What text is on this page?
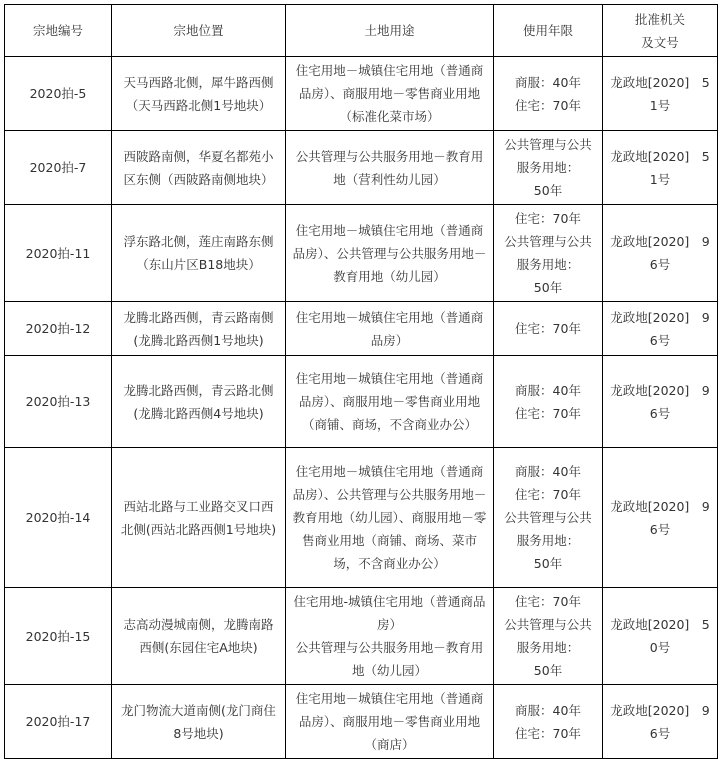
宗地编号	宗地位置	土地用途	使用年限	批准机关
及文号

2020拍-5	天马西路北侧，犀牛路西侧（天马西路北侧1号地块）	住宅用地－城镇住宅用地（普通商品房）、商服用地－零售商业用地（标准化菜市场）	商服：40年
住宅：70年	龙政地[2020]　51号
2020拍-7	西陂路南侧，华夏名都苑小区东侧（西陂路南侧地块）	公共管理与公共服务用地－教育用地（营利性幼儿园）	公共管理与公共服务用地：
50年	龙政地[2020]　51号
2020拍-11	浮东路北侧，莲庄南路东侧（东山片区B18地块）	住宅用地－城镇住宅用地（普通商品房）、公共管理与公共服务用地－教育用地（幼儿园）	住宅：70年
公共管理与公共服务用地：
50年	龙政地[2020]　96号
2020拍-12	龙腾北路西侧，青云路南侧(龙腾北路西侧1号地块)	住宅用地－城镇住宅用地（普通商品房）	住宅：70年	龙政地[2020]　96号
2020拍-13	龙腾北路西侧，青云路北侧(龙腾北路西侧4号地块)	住宅用地－城镇住宅用地（普通商品房）、商服用地－零售商业用地（商铺、商场，不含商业办公）	商服：40年
住宅：70年	龙政地[2020]　96号
2020拍-14	西站北路与工业路交叉口西北侧(西站北路西侧1号地块)	住宅用地－城镇住宅用地（普通商品房）、公共管理与公共服务用地－教育用地（幼儿园）、商服用地－零售商业用地（商铺、商场、菜市场，不含商业办公）	商服：40年
住宅：70年
公共管理与公共服务用地：
50年	龙政地[2020]　96号
2020拍-15	志高动漫城南侧，龙腾南路西侧(东园住宅A地块)	住宅用地-城镇住宅用地（普通商品房）
公共管理与公共服务用地－教育用地（幼儿园）	住宅：70年
公共管理与公共服务用地：
50年	龙政地[2020]　50号
2020拍-17	龙门物流大道南侧(龙门商住8号地块)	住宅用地－城镇住宅用地（普通商品房）、商服用地－零售商业用地（商店）	商服：40年
住宅：70年	龙政地[2020]　96号
